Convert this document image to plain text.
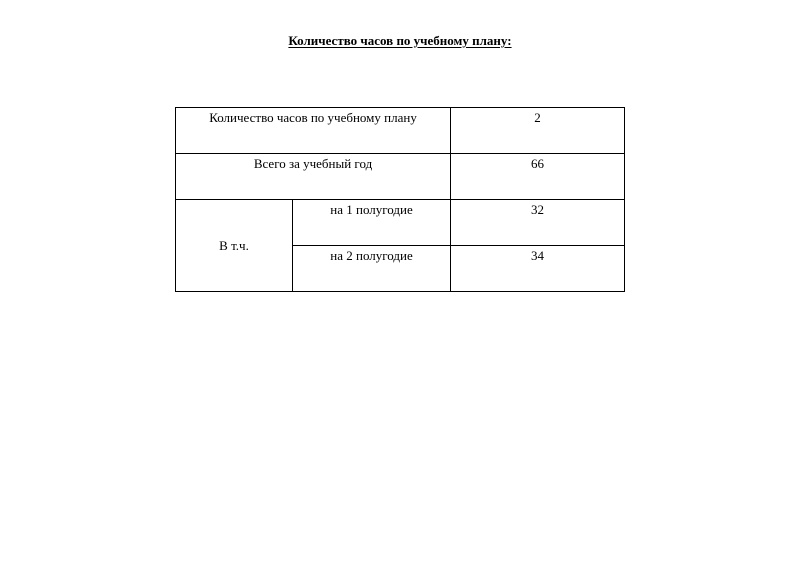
Количество часов по учебному плану:
Количество часов по учебному плану		2

Всего за учебный год		66

В т.ч.	на 1 полугодие	32

	на 2 полугодие	34
